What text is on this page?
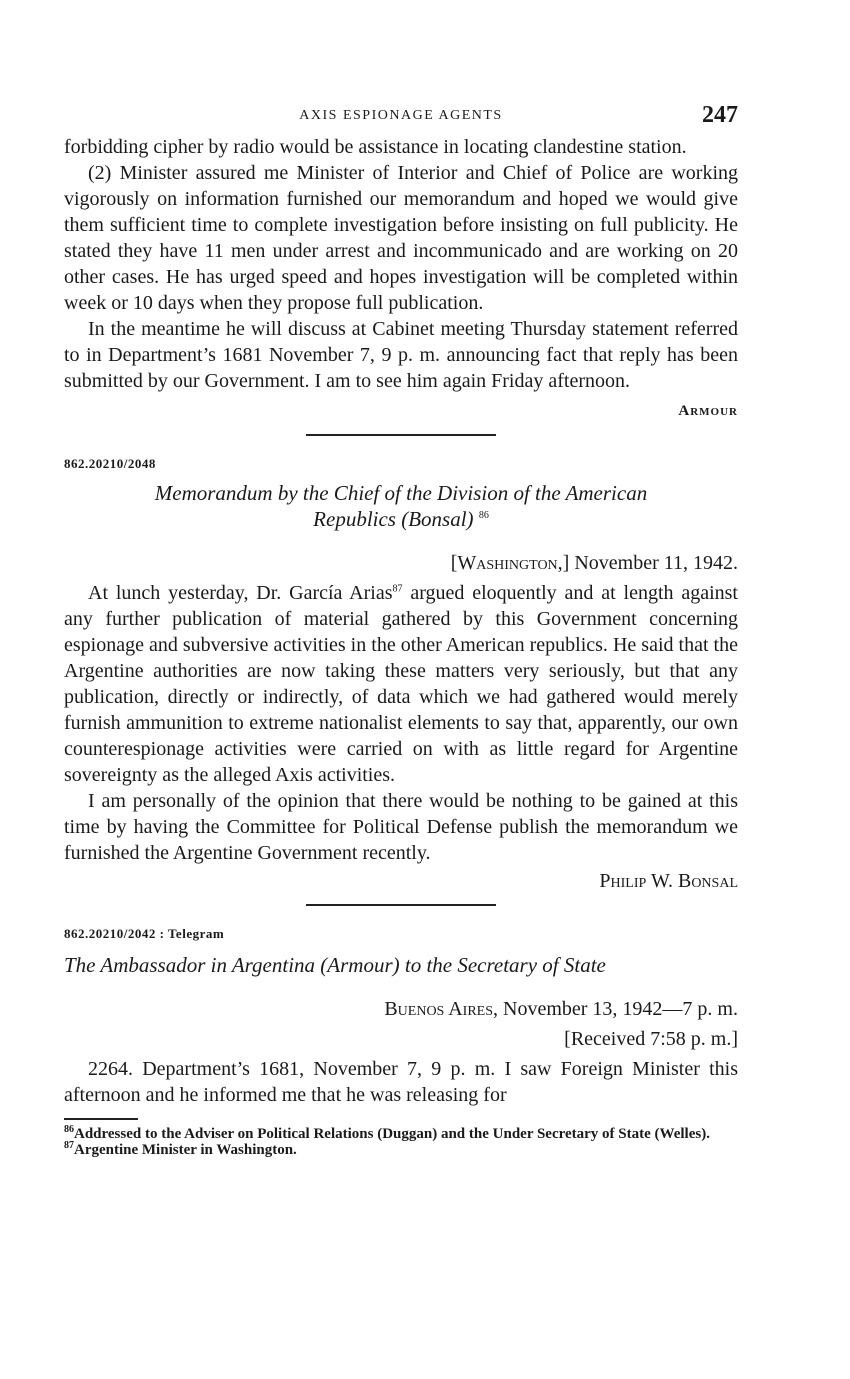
AXIS ESPIONAGE AGENTS	247

forbidding cipher by radio would be assistance in locating clandestine station.

(2) Minister assured me Minister of Interior and Chief of Police are working vigorously on information furnished our memorandum and hoped we would give them sufficient time to complete investigation before insisting on full publicity. He stated they have 11 men under arrest and incommunicado and are working on 20 other cases. He has urged speed and hopes investigation will be completed within week or 10 days when they propose full publication.

In the meantime he will discuss at Cabinet meeting Thursday statement referred to in Department’s 1681 November 7, 9 p. m. announcing fact that reply has been submitted by our Government. I am to see him again Friday afternoon.

Armour
862.20210/2048
Memorandum by the Chief of the Division of the American
Republics (Bonsal) $^{86}$
[Washington,] November 11, 1942.

At lunch yesterday, Dr. García Arias$^{87}$ argued eloquently and at length against any further publication of material gathered by this Government concerning espionage and subversive activities in the other American republics. He said that the Argentine authorities are now taking these matters very seriously, but that any publication, directly or indirectly, of data which we had gathered would merely furnish ammunition to extreme nationalist elements to say that, apparently, our own counterespionage activities were carried on with as little regard for Argentine sovereignty as the alleged Axis activities.

I am personally of the opinion that there would be nothing to be gained at this time by having the Committee for Political Defense publish the memorandum we furnished the Argentine Government recently.

Philip W. Bonsal
862.20210/2042 : Telegram
The Ambassador in Argentina (Armour) to the Secretary of State
Buenos Aires, November 13, 1942—7 p. m.
[Received 7:58 p. m.]

2264. Department’s 1681, November 7, 9 p. m. I saw Foreign Minister this afternoon and he informed me that he was releasing for

$^{86}$Addressed to the Adviser on Political Relations (Duggan) and the Under Secretary of State (Welles).
$^{87}$Argentine Minister in Washington.
